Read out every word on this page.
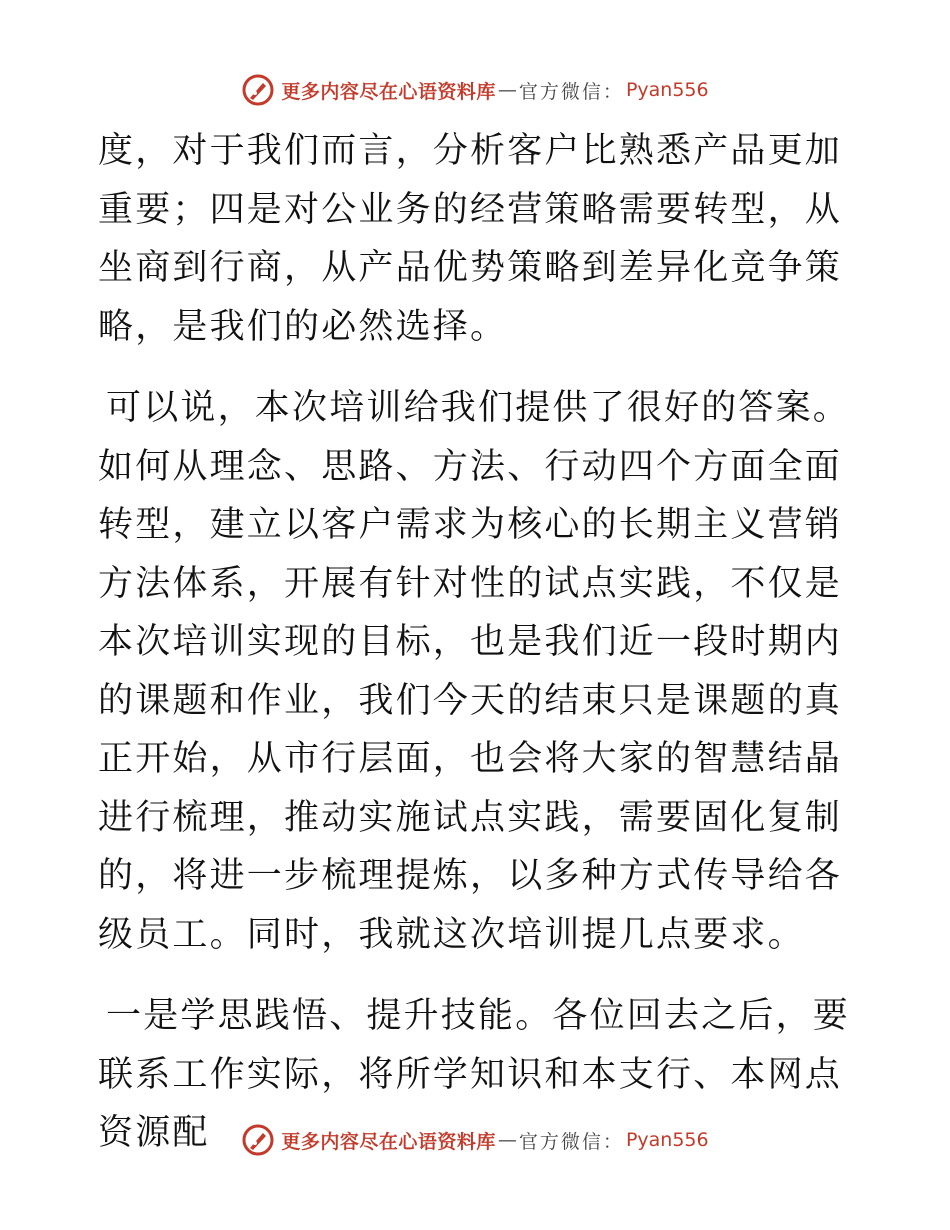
更多内容尽在心语资料库 — 官方微信： Pyan556

度，对于我们而言，分析客户比熟悉产品更加重要；四是对公业务的经营策略需要转型，从坐商到行商，从产品优势策略到差异化竞争策略，是我们的必然选择。

可以说，本次培训给我们提供了很好的答案。如何从理念、思路、方法、行动四个方面全面转型，建立以客户需求为核心的长期主义营销方法体系，开展有针对性的试点实践，不仅是本次培训实现的目标，也是我们近一段时期内的课题和作业，我们今天的结束只是课题的真正开始，从市行层面，也会将大家的智慧结晶进行梳理，推动实施试点实践，需要固化复制的，将进一步梳理提炼，以多种方式传导给各级员工。同时，我就这次培训提几点要求。

一是学思践悟、提升技能。各位回去之后，要联系工作实际，将所学知识和本支行、本网点资源配	更多内容尽在心语资料库 — 官方微信： Pyan556
